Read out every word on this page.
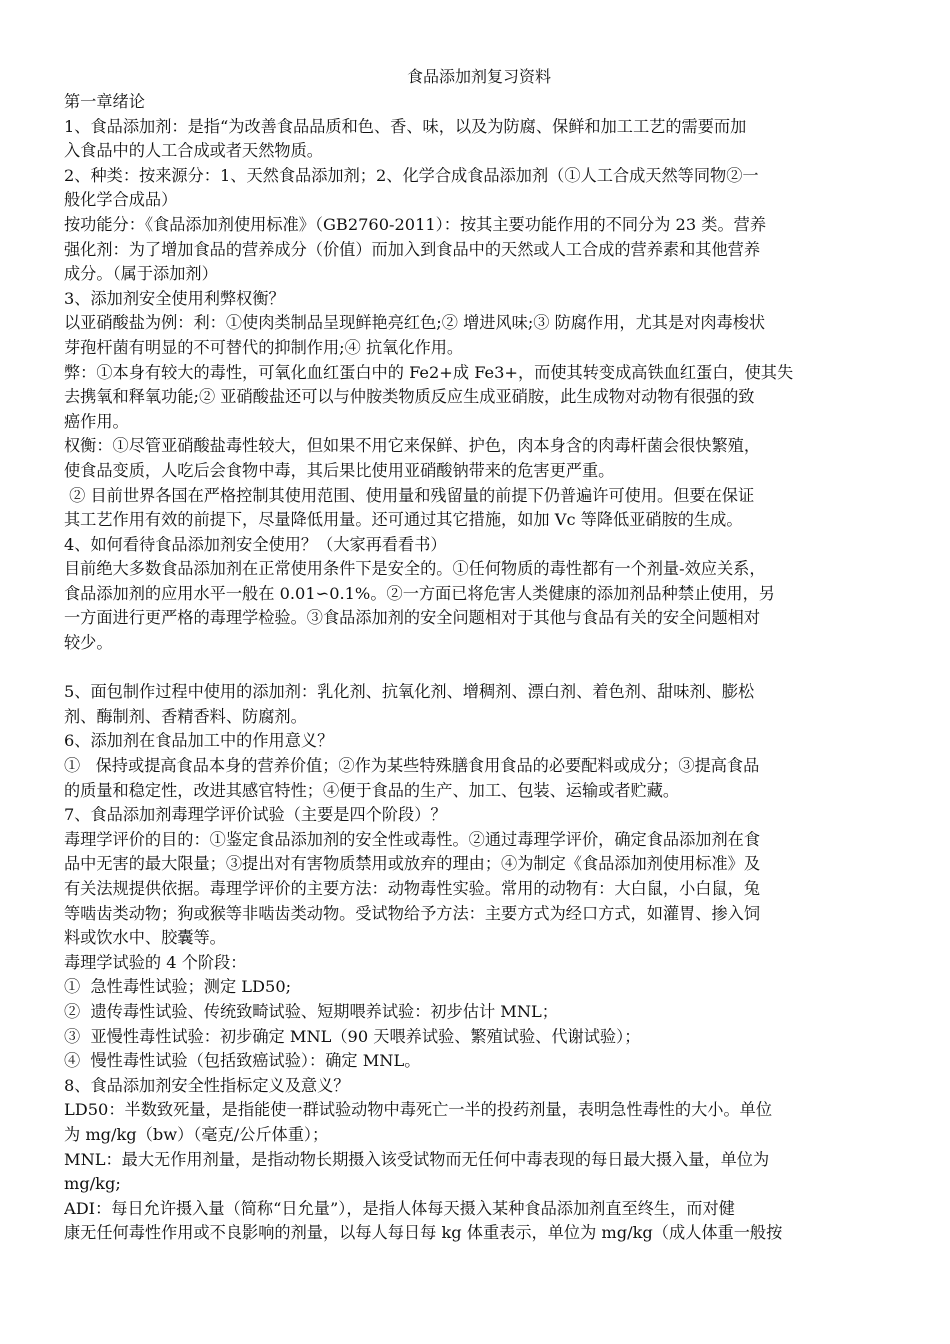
食品添加剂复习资料

第一章绪论

1、食品添加剂：是指“为改善食品品质和色、香、味，以及为防腐、保鲜和加工工艺的需要而加

入食品中的人工合成或者天然物质。

2、种类：按来源分：1、天然食品添加剂；2、化学合成食品添加剂（①人工合成天然等同物②一

般化学合成品）

按功能分：《食品添加剂使用标准》（GB2760-2011）：按其主要功能作用的不同分为 23 类。营养

强化剂：为了增加食品的营养成分（价值）而加入到食品中的天然或人工合成的营养素和其他营养

成分。（属于添加剂）

3、添加剂安全使用利弊权衡？

以亚硝酸盐为例：利：①使肉类制品呈现鲜艳亮红色;② 增进风味;③ 防腐作用，尤其是对肉毒梭状

芽孢杆菌有明显的不可替代的抑制作用;④ 抗氧化作用。

弊：①本身有较大的毒性，可氧化血红蛋白中的 Fe2+成 Fe3+，而使其转变成高铁血红蛋白，使其失

去携氧和释氧功能;② 亚硝酸盐还可以与仲胺类物质反应生成亚硝胺，此生成物对动物有很强的致

癌作用。

权衡：①尽管亚硝酸盐毒性较大，但如果不用它来保鲜、护色，肉本身含的肉毒杆菌会很快繁殖，

使食品变质，人吃后会食物中毒，其后果比使用亚硝酸钠带来的危害更严重。

② 目前世界各国在严格控制其使用范围、使用量和残留量的前提下仍普遍许可使用。但要在保证

其工艺作用有效的前提下，尽量降低用量。还可通过其它措施，如加 Vc 等降低亚硝胺的生成。

4、如何看待食品添加剂安全使用？（大家再看看书）

目前绝大多数食品添加剂在正常使用条件下是安全的。①任何物质的毒性都有一个剂量-效应关系，

食品添加剂的应用水平一般在 0.01∽0.1%。②一方面已将危害人类健康的添加剂品种禁止使用，另

一方面进行更严格的毒理学检验。③食品添加剂的安全问题相对于其他与食品有关的安全问题相对

较少。

5、面包制作过程中使用的添加剂：乳化剂、抗氧化剂、增稠剂、漂白剂、着色剂、甜味剂、膨松

剂、酶制剂、香精香料、防腐剂。

6、添加剂在食品加工中的作用意义？

①   保持或提高食品本身的营养价值；②作为某些特殊膳食用食品的必要配料或成分；③提高食品

的质量和稳定性，改进其感官特性；④便于食品的生产、加工、包装、运输或者贮藏。

7、食品添加剂毒理学评价试验（主要是四个阶段）？

毒理学评价的目的：①鉴定食品添加剂的安全性或毒性。②通过毒理学评价，确定食品添加剂在食

品中无害的最大限量；③提出对有害物质禁用或放弃的理由；④为制定《食品添加剂使用标准》及

有关法规提供依据。毒理学评价的主要方法：动物毒性实验。常用的动物有：大白鼠，小白鼠，兔

等啮齿类动物；狗或猴等非啮齿类动物。受试物给予方法：主要方式为经口方式，如灌胃、掺入饲

料或饮水中、胶囊等。

毒理学试验的 4 个阶段：

①  急性毒性试验；测定 LD50;

②  遗传毒性试验、传统致畸试验、短期喂养试验：初步估计 MNL；

③  亚慢性毒性试验：初步确定 MNL（90 天喂养试验、繁殖试验、代谢试验）；

④  慢性毒性试验（包括致癌试验）：确定 MNL。

8、食品添加剂安全性指标定义及意义？

LD50：半数致死量，是指能使一群试验动物中毒死亡一半的投药剂量，表明急性毒性的大小。单位

为 mg/kg（bw）（毫克/公斤体重）；

MNL：最大无作用剂量，是指动物长期摄入该受试物而无任何中毒表现的每日最大摄入量，单位为

mg/kg;

ADI：每日允许摄入量（简称“日允量”），是指人体每天摄入某种食品添加剂直至终生，而对健

康无任何毒性作用或不良影响的剂量，以每人每日每 kg 体重表示，单位为 mg/kg（成人体重一般按
